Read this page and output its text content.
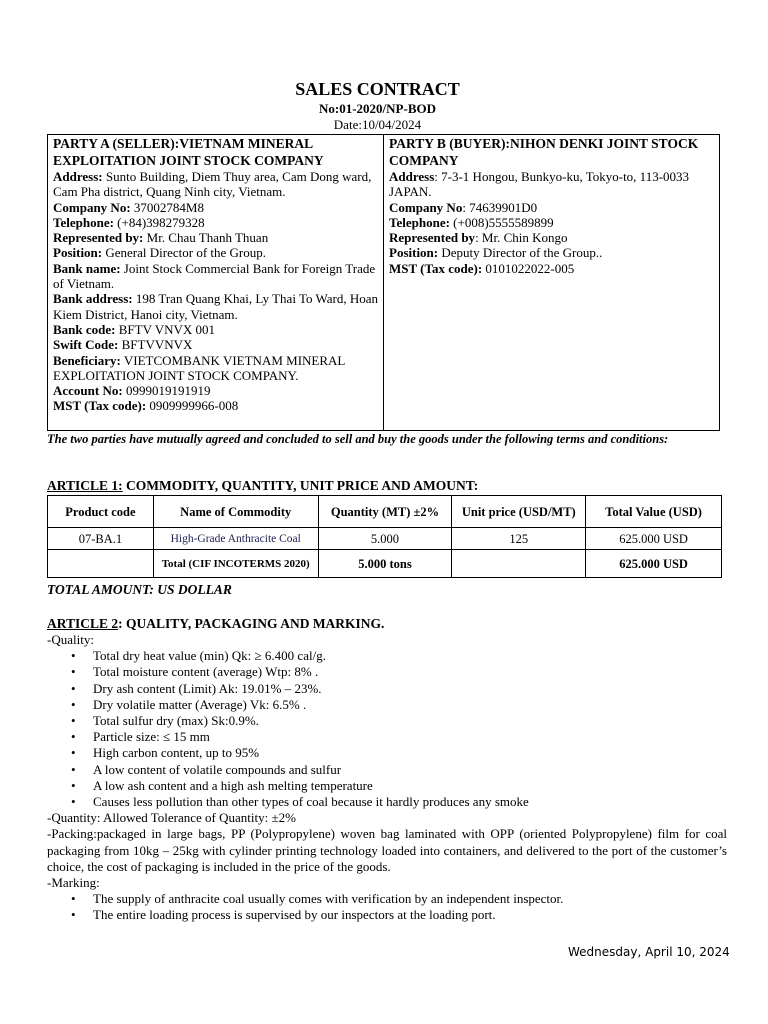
SALES CONTRACT
No:01-2020/NP-BOD
Date:10/04/2024
PARTY A (SELLER):VIETNAM MINERAL EXPLOITATION JOINT STOCK COMPANY
Address: Sunto Building, Diem Thuy area, Cam Dong ward, Cam Pha district, Quang Ninh city, Vietnam.
Company No: 37002784M8
Telephone: (+84)398279328
Represented by: Mr. Chau Thanh Thuan
Position: General Director of the Group.
Bank name: Joint Stock Commercial Bank for Foreign Trade of Vietnam.
Bank address: 198 Tran Quang Khai, Ly Thai To Ward, Hoan Kiem District, Hanoi city, Vietnam.
Bank code: BFTV VNVX 001
Swift Code: BFTVVNVX
Beneficiary: VIETCOMBANK VIETNAM MINERAL EXPLOITATION JOINT STOCK COMPANY.
Account No: 0999019191919
MST (Tax code): 0909999966-008
PARTY B (BUYER):NIHON DENKI JOINT STOCK COMPANY
Address: 7-3-1 Hongou, Bunkyo-ku, Tokyo-to, 113-0033 JAPAN.
Company No: 74639901D0
Telephone: (+008)5555589899
Represented by: Mr. Chin Kongo
Position: Deputy Director of the Group..
MST (Tax code): 0101022022-005
The two parties have mutually agreed and concluded to sell and buy the goods under the following terms and conditions:
ARTICLE 1: COMMODITY, QUANTITY, UNIT PRICE AND AMOUNT:
Product code	Name of Commodity	Quantity (MT) ±2%	Unit price (USD/MT)	Total Value (USD)
07-BA.1	High-Grade Anthracite Coal	5.000	125	625.000 USD
	Total (CIF INCOTERMS 2020)	5.000 tons		625.000 USD
TOTAL AMOUNT: US DOLLAR
ARTICLE 2: QUALITY, PACKAGING AND MARKING.
-Quality:
• Total dry heat value (min) Qk: ≥ 6.400 cal/g.
• Total moisture content (average) Wtp: 8% .
• Dry ash content (Limit) Ak: 19.01% – 23%.
• Dry volatile matter (Average) Vk: 6.5% .
• Total sulfur dry (max) Sk:0.9%.
• Particle size: ≤ 15 mm
• High carbon content, up to 95%
• A low content of volatile compounds and sulfur
• A low ash content and a high ash melting temperature
• Causes less pollution than other types of coal because it hardly produces any smoke
-Quantity: Allowed Tolerance of Quantity: ±2%
-Packing:packaged in large bags, PP (Polypropylene) woven bag laminated with OPP (oriented Polypropylene) film for coal packaging from 10kg – 25kg with cylinder printing technology loaded into containers, and delivered to the port of the customer’s choice, the cost of packaging is included in the price of the goods.
-Marking:
• The supply of anthracite coal usually comes with verification by an independent inspector.
• The entire loading process is supervised by our inspectors at the loading port.
Wednesday, April 10, 2024
